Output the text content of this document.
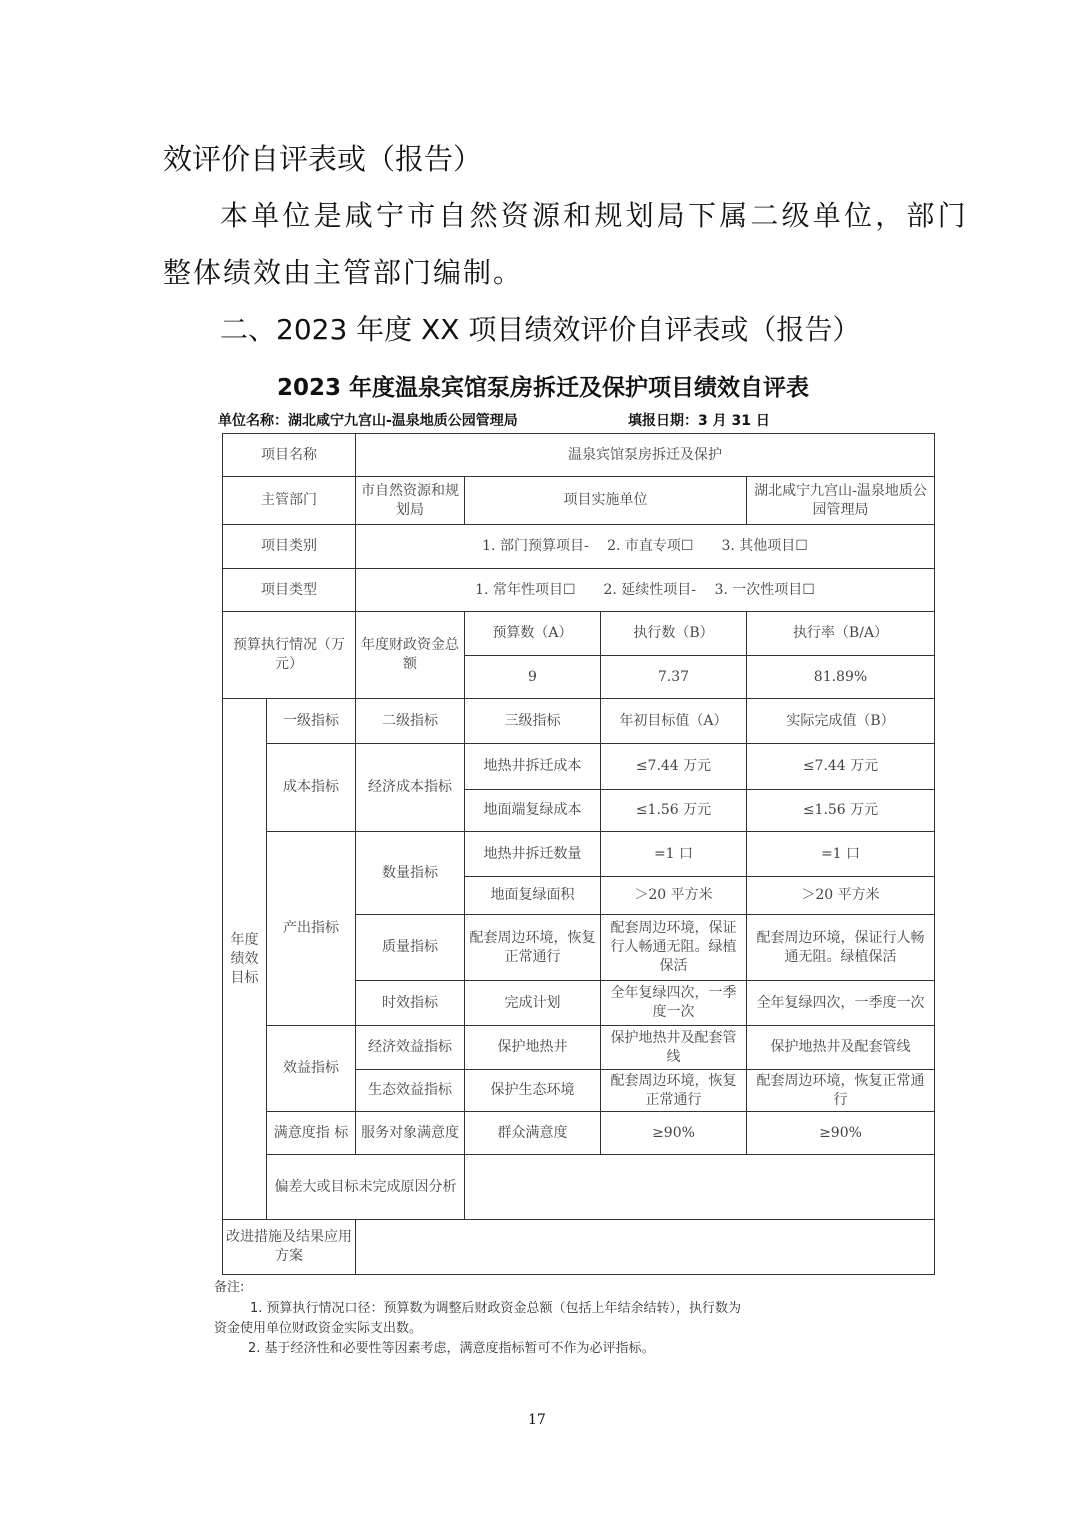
效评价自评表或（报告）
本单位是咸宁市自然资源和规划局下属二级单位，部门
整体绩效由主管部门编制。
二、2023 年度 XX 项目绩效评价自评表或（报告）
2023 年度温泉宾馆泵房拆迁及保护项目绩效自评表
单位名称：湖北咸宁九宫山-温泉地质公园管理局	填报日期：3 月 31 日
项目名称		温泉宾馆泵房拆迁及保护			
主管部门		市自然资源和规划局	项目实施单位		湖北咸宁九宫山-温泉地质公园管理局
项目类别		1. 部门预算项目-　 2. 市直专项☐　　3. 其他项目☐			
项目类型		1. 常年性项目☐　　2. 延续性项目-　 3. 一次性项目☐			
预算执行情况（万元）		年度财政资金总额	预算数（A）	执行数（B）	执行率（B/A）
			9	7.37	81.89%
年度绩效目标	一级指标	二级指标	三级指标	年初目标值（A）	实际完成值（B）
	成本指标	经济成本指标	地热井拆迁成本	≤7.44 万元	≤7.44 万元
			地面端复绿成本	≤1.56 万元	≤1.56 万元
	产出指标	数量指标	地热井拆迁数量	=1 口	=1 口
			地面复绿面积	＞20 平方米	＞20 平方米
		质量指标	配套周边环境，恢复正常通行	配套周边环境，保证行人畅通无阻。绿植保活	配套周边环境，保证行人畅通无阻。绿植保活
		时效指标	完成计划	全年复绿四次，一季度一次	全年复绿四次，一季度一次
	效益指标	经济效益指标	保护地热井	保护地热井及配套管线	保护地热井及配套管线
		生态效益指标	保护生态环境	配套周边环境，恢复正常通行	配套周边环境，恢复正常通行
	满意度指 标	服务对象满意度	群众满意度	≥90%	≥90%
	偏差大或目标未完成原因分析				
改进措施及结果应用方案					
备注:
1. 预算执行情况口径：预算数为调整后财政资金总额（包括上年结余结转），执行数为
资金使用单位财政资金实际支出数。
2. 基于经济性和必要性等因素考虑，满意度指标暂可不作为必评指标。
17
